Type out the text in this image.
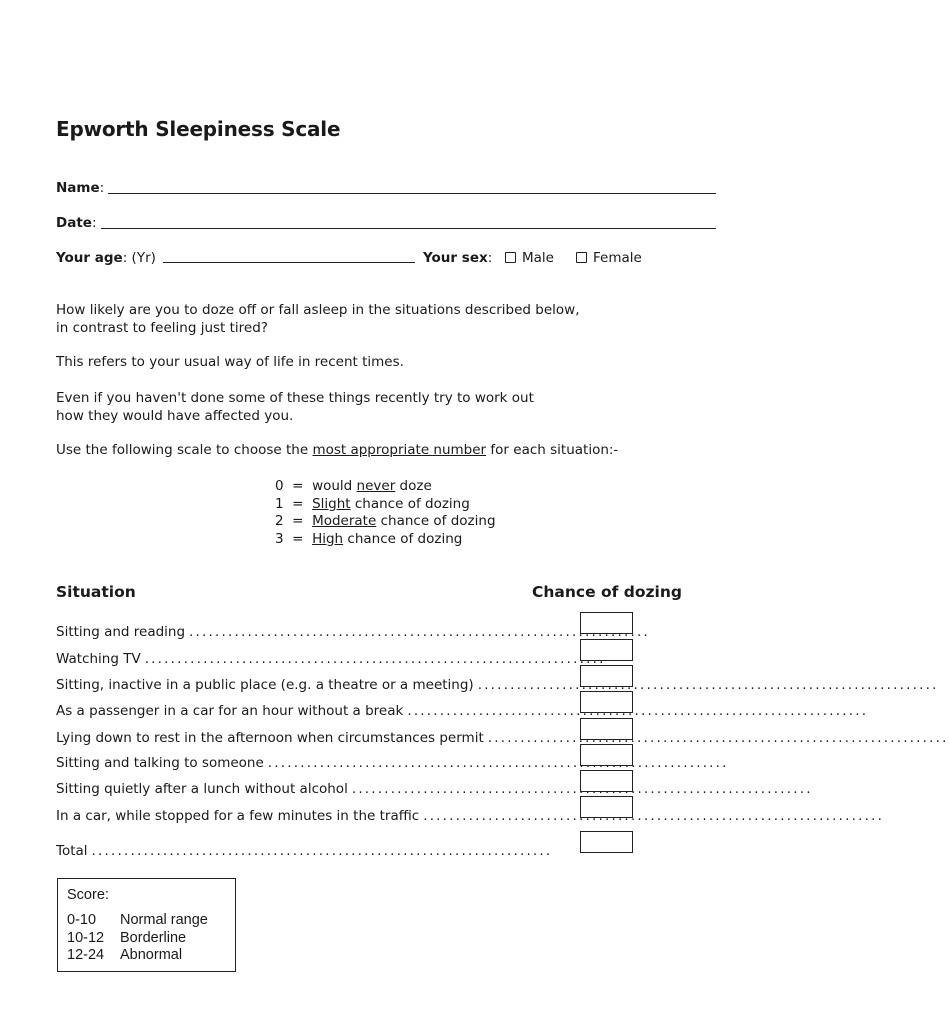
Epworth Sleepiness Scale
Name:
Date:
Your age: (Yr)	Your sex:	Male	Female
How likely are you to doze off or fall asleep in the situations described below,
in contrast to feeling just tired?
This refers to your usual way of life in recent times.
Even if you haven't done some of these things recently try to work out
how they would have affected you.
Use the following scale to choose the most appropriate number for each situation:-
0  =  would never doze
1  =  Slight chance of dozing
2  =  Moderate chance of dozing
3  =  High chance of dozing
Situation	Chance of dozing
Sitting and reading .......................................................................
Watching TV .......................................................................
Sitting, inactive in a public place (e.g. a theatre or a meeting) .......................................................................
As a passenger in a car for an hour without a break .......................................................................
Lying down to rest in the afternoon when circumstances permit .......................................................................
Sitting and talking to someone .......................................................................
Sitting quietly after a lunch without alcohol .......................................................................
In a car, while stopped for a few minutes in the traffic .......................................................................
Total .......................................................................
Score:
0-10 Normal range
10-12 Borderline
12-24 Abnormal
